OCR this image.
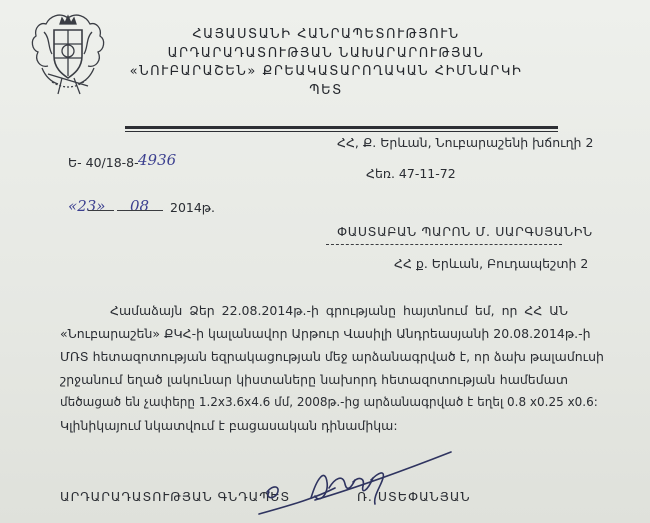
ՀԱՅԱՍՏԱՆԻ ՀԱՆՐԱՊԵՏՈՒԹՅՈՒՆ
ԱՐԴԱՐԱԴԱՏՈՒԹՅԱՆ ՆԱԽԱՐԱՐՈՒԹՅԱՆ
«ՆՈՒԲԱՐԱՇԵՆ» ՔՐԵԱԿԱՏԱՐՈՂԱԿԱՆ ՀԻՄՆԱՐԿԻ
ՊԵՏ
ՀՀ, Ք. Երևան, Նուբարաշենի խճուղի 2
Հեռ. 47-11-72
Ե- 40/18-8- 4936
«23» 08 2014թ.
ՓԱՍՏԱԲԱՆ ՊԱՐՈՆ Մ. ՍԱՐԳՍՅԱՆԻՆ
ՀՀ ք. Երևան, Բուդապեշտի 2
Համաձայն Ձեր 22.08.2014թ.-ի գրությանը հայտնում եմ, որ ՀՀ ԱՆ
«Նուբարաշեն» ՔԿՀ-ի կալանավոր Արթուր Վասիլի Անդրեասյանի 20.08.2014թ.-ի
ՄՌՏ հետազոտության եզրակացության մեջ արձանագրված է, որ ձախ թալամուսի
շրջանում եղած լակունար կիստաները նախորդ հետազոտության համեմատ
մեծացած են չափերը 1.2x3.6x4.6 մմ, 2008թ.-ից արձանագրված է եղել 0.8 x0.25 x0.6:
Կլինիկայում նկատվում է բացասական դինամիկա:
ԱՐԴԱՐԱԴԱՏՈՒԹՅԱՆ ԳՆԴԱՊԵՏ	Ռ. ՍՏԵՓԱՆՅԱՆ
